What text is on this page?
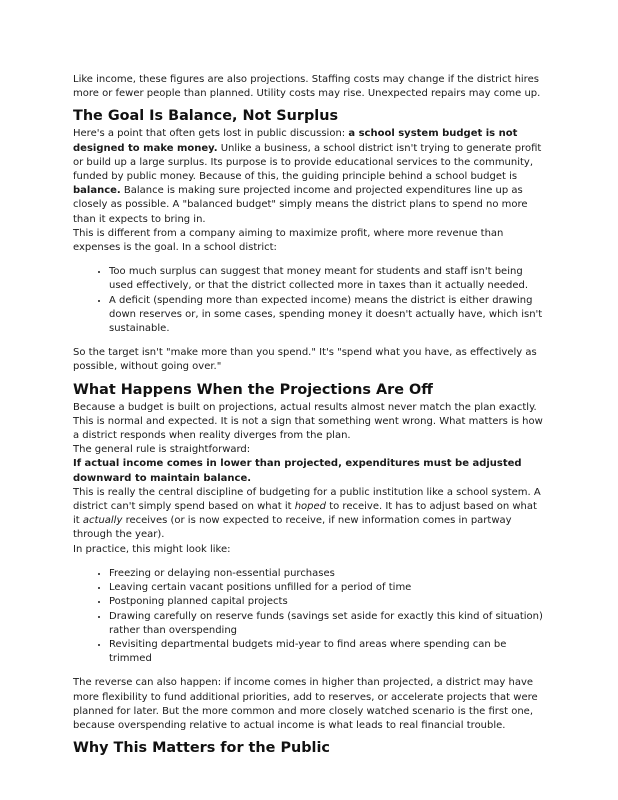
Like income, these figures are also projections. Staffing costs may change if the district hires more or fewer people than planned. Utility costs may rise. Unexpected repairs may come up.

The Goal Is Balance, Not Surplus

Here's a point that often gets lost in public discussion: a school system budget is not designed to make money. Unlike a business, a school district isn't trying to generate profit or build up a large surplus. Its purpose is to provide educational services to the community, funded by public money. Because of this, the guiding principle behind a school budget is balance. Balance is making sure projected income and projected expenditures line up as closely as possible. A "balanced budget" simply means the district plans to spend no more than it expects to bring in.

This is different from a company aiming to maximize profit, where more revenue than expenses is the goal. In a school district:

• Too much surplus can suggest that money meant for students and staff isn't being used effectively, or that the district collected more in taxes than it actually needed.
• A deficit (spending more than expected income) means the district is either drawing down reserves or, in some cases, spending money it doesn't actually have, which isn't sustainable.

So the target isn't "make more than you spend." It's "spend what you have, as effectively as possible, without going over."

What Happens When the Projections Are Off

Because a budget is built on projections, actual results almost never match the plan exactly. This is normal and expected. It is not a sign that something went wrong. What matters is how a district responds when reality diverges from the plan.

The general rule is straightforward:

If actual income comes in lower than projected, expenditures must be adjusted downward to maintain balance.

This is really the central discipline of budgeting for a public institution like a school system. A district can't simply spend based on what it hoped to receive. It has to adjust based on what it actually receives (or is now expected to receive, if new information comes in partway through the year).

In practice, this might look like:

• Freezing or delaying non-essential purchases
• Leaving certain vacant positions unfilled for a period of time
• Postponing planned capital projects
• Drawing carefully on reserve funds (savings set aside for exactly this kind of situation) rather than overspending
• Revisiting departmental budgets mid-year to find areas where spending can be trimmed

The reverse can also happen: if income comes in higher than projected, a district may have more flexibility to fund additional priorities, add to reserves, or accelerate projects that were planned for later. But the more common and more closely watched scenario is the first one, because overspending relative to actual income is what leads to real financial trouble.

Why This Matters for the Public
